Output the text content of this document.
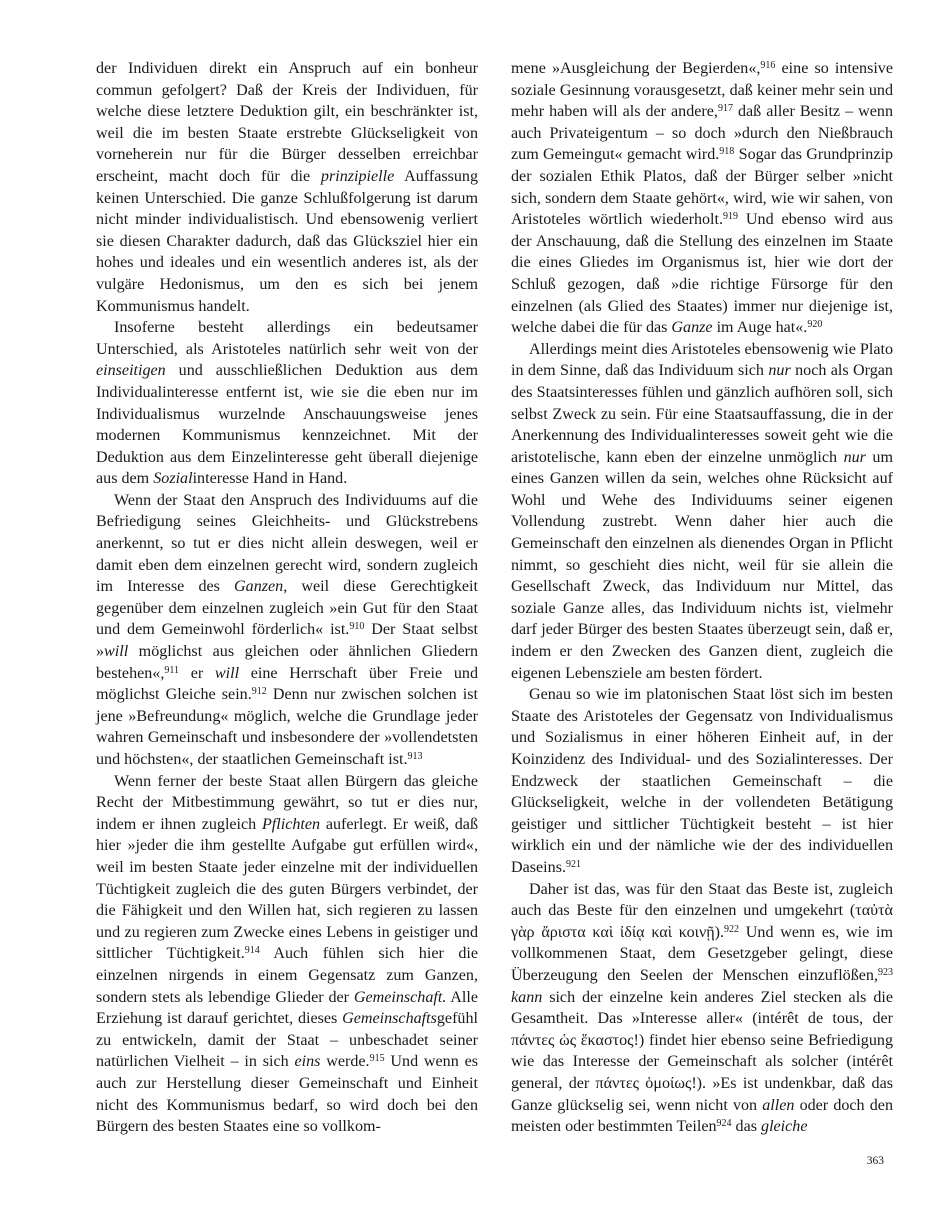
der Individuen direkt ein Anspruch auf ein bonheur commun gefolgert? Daß der Kreis der Individuen, für welche diese letztere Deduktion gilt, ein beschränkter ist, weil die im besten Staate erstrebte Glückseligkeit von vorneherein nur für die Bürger desselben erreichbar erscheint, macht doch für die prinzipielle Auffassung keinen Unterschied. Die ganze Schlußfolgerung ist darum nicht minder individualistisch. Und ebensowenig verliert sie diesen Charakter dadurch, daß das Glücksziel hier ein hohes und ideales und ein wesentlich anderes ist, als der vulgäre Hedonismus, um den es sich bei jenem Kommunismus handelt.

Insoferne besteht allerdings ein bedeutsamer Unterschied, als Aristoteles natürlich sehr weit von der einseitigen und ausschließlichen Deduktion aus dem Individualinteresse entfernt ist, wie sie die eben nur im Individualismus wurzelnde Anschauungsweise jenes modernen Kommunismus kennzeichnet. Mit der Deduktion aus dem Einzelinteresse geht überall diejenige aus dem Sozialinteresse Hand in Hand.

Wenn der Staat den Anspruch des Individuums auf die Befriedigung seines Gleichheits- und Glückstrebens anerkennt, so tut er dies nicht allein deswegen, weil er damit eben dem einzelnen gerecht wird, sondern zugleich im Interesse des Ganzen, weil diese Gerechtigkeit gegenüber dem einzelnen zugleich »ein Gut für den Staat und dem Gemeinwohl förderlich« ist.$^{910}$ Der Staat selbst »will möglichst aus gleichen oder ähnlichen Gliedern bestehen«,$^{911}$ er will eine Herrschaft über Freie und möglichst Gleiche sein.$^{912}$ Denn nur zwischen solchen ist jene »Befreundung« möglich, welche die Grundlage jeder wahren Gemeinschaft und insbesondere der »vollendetsten und höchsten«, der staatlichen Gemeinschaft ist.$^{913}$

Wenn ferner der beste Staat allen Bürgern das gleiche Recht der Mitbestimmung gewährt, so tut er dies nur, indem er ihnen zugleich Pflichten auferlegt. Er weiß, daß hier »jeder die ihm gestellte Aufgabe gut erfüllen wird«, weil im besten Staate jeder einzelne mit der individuellen Tüchtigkeit zugleich die des guten Bürgers verbindet, der die Fähigkeit und den Willen hat, sich regieren zu lassen und zu regieren zum Zwecke eines Lebens in geistiger und sittlicher Tüchtigkeit.$^{914}$ Auch fühlen sich hier die einzelnen nirgends in einem Gegensatz zum Ganzen, sondern stets als lebendige Glieder der Gemeinschaft. Alle Erziehung ist darauf gerichtet, dieses Gemeinschaftsgefühl zu entwickeln, damit der Staat – unbeschadet seiner natürlichen Vielheit – in sich eins werde.$^{915}$ Und wenn es auch zur Herstellung dieser Gemeinschaft und Einheit nicht des Kommunismus bedarf, so wird doch bei den Bürgern des besten Staates eine so vollkom-

mene »Ausgleichung der Begierden«,$^{916}$ eine so intensive soziale Gesinnung vorausgesetzt, daß keiner mehr sein und mehr haben will als der andere,$^{917}$ daß aller Besitz – wenn auch Privateigentum – so doch »durch den Nießbrauch zum Gemeingut« gemacht wird.$^{918}$ Sogar das Grundprinzip der sozialen Ethik Platos, daß der Bürger selber »nicht sich, sondern dem Staate gehört«, wird, wie wir sahen, von Aristoteles wörtlich wiederholt.$^{919}$ Und ebenso wird aus der Anschauung, daß die Stellung des einzelnen im Staate die eines Gliedes im Organismus ist, hier wie dort der Schluß gezogen, daß »die richtige Fürsorge für den einzelnen (als Glied des Staates) immer nur diejenige ist, welche dabei die für das Ganze im Auge hat«.$^{920}$

Allerdings meint dies Aristoteles ebensowenig wie Plato in dem Sinne, daß das Individuum sich nur noch als Organ des Staatsinteresses fühlen und gänzlich aufhören soll, sich selbst Zweck zu sein. Für eine Staatsauffassung, die in der Anerkennung des Individualinteresses soweit geht wie die aristotelische, kann eben der einzelne unmöglich nur um eines Ganzen willen da sein, welches ohne Rücksicht auf Wohl und Wehe des Individuums seiner eigenen Vollendung zustrebt. Wenn daher hier auch die Gemeinschaft den einzelnen als dienendes Organ in Pflicht nimmt, so geschieht dies nicht, weil für sie allein die Gesellschaft Zweck, das Individuum nur Mittel, das soziale Ganze alles, das Individuum nichts ist, vielmehr darf jeder Bürger des besten Staates überzeugt sein, daß er, indem er den Zwecken des Ganzen dient, zugleich die eigenen Lebensziele am besten fördert.

Genau so wie im platonischen Staat löst sich im besten Staate des Aristoteles der Gegensatz von Individualismus und Sozialismus in einer höheren Einheit auf, in der Koinzidenz des Individual- und des Sozialinteresses. Der Endzweck der staatlichen Gemeinschaft – die Glückseligkeit, welche in der vollendeten Betätigung geistiger und sittlicher Tüchtigkeit besteht – ist hier wirklich ein und der nämliche wie der des individuellen Daseins.$^{921}$

Daher ist das, was für den Staat das Beste ist, zugleich auch das Beste für den einzelnen und umgekehrt (ταὐτὰ γὰρ ἄριστα καὶ ἰδίᾳ καὶ κοινῇ).$^{922}$ Und wenn es, wie im vollkommenen Staat, dem Gesetzgeber gelingt, diese Überzeugung den Seelen der Menschen einzuflößen,$^{923}$ kann sich der einzelne kein anderes Ziel stecken als die Gesamtheit. Das »Interesse aller« (intérêt de tous, der πάντες ὡς ἕκαστος!) findet hier ebenso seine Befriedigung wie das Interesse der Gemeinschaft als solcher (intérêt general, der πάντες ὁμοίως!). »Es ist undenkbar, daß das Ganze glückselig sei, wenn nicht von allen oder doch den meisten oder bestimmten Teilen$^{924}$ das gleiche

363
